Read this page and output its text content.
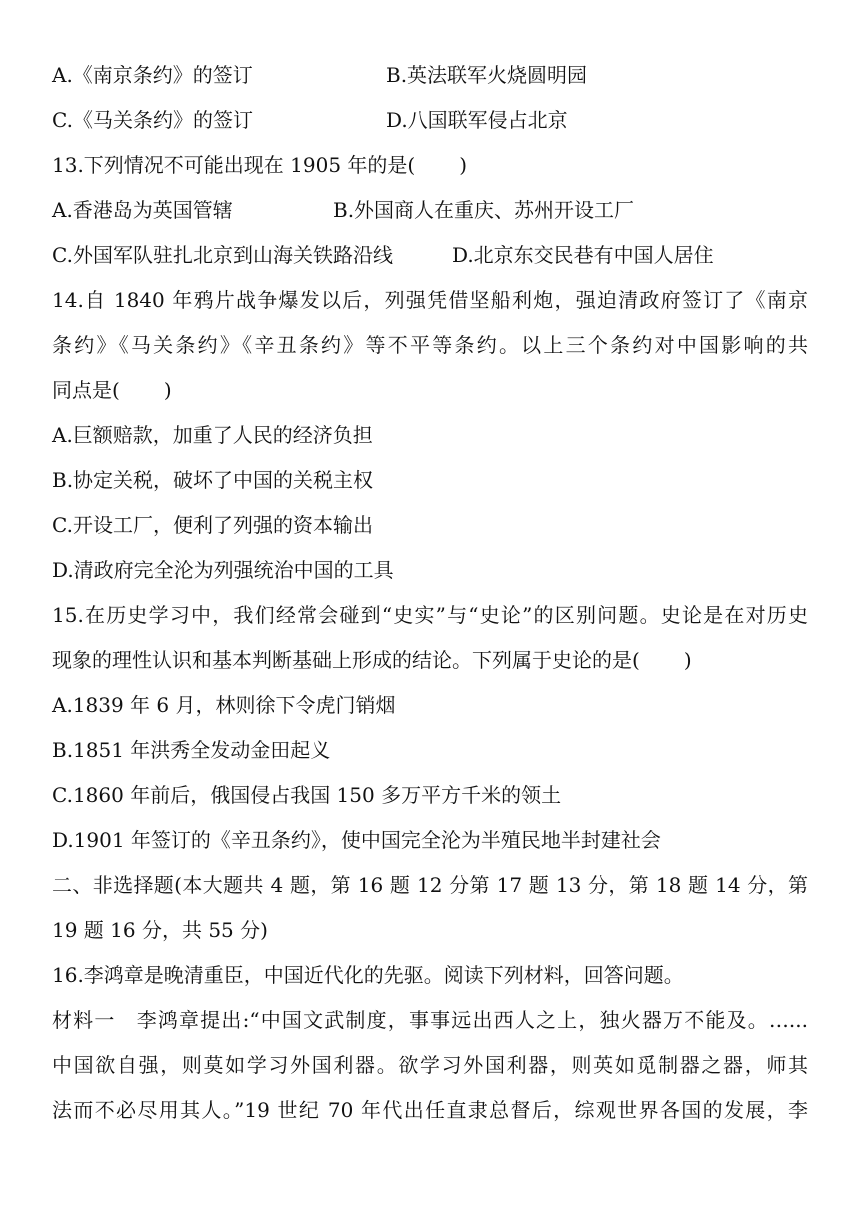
A.《南京条约》的签订	B.英法联军火烧圆明园
C.《马关条约》的签订	D.八国联军侵占北京
13.下列情况不可能出现在 1905 年的是( )
A.香港岛为英国管辖	B.外国商人在重庆、苏州开设工厂
C.外国军队驻扎北京到山海关铁路沿线	D.北京东交民巷有中国人居住
14.自 1840 年鸦片战争爆发以后，列强凭借坚船利炮，强迫清政府签订了《南京
条约》《马关条约》《辛丑条约》等不平等条约。以上三个条约对中国影响的共
同点是( )
A.巨额赔款，加重了人民的经济负担
B.协定关税，破坏了中国的关税主权
C.开设工厂，便利了列强的资本输出
D.清政府完全沦为列强统治中国的工具
15.在历史学习中，我们经常会碰到“史实”与“史论”的区别问题。史论是在对历史
现象的理性认识和基本判断基础上形成的结论。下列属于史论的是( )
A.1839 年 6 月，林则徐下令虎门销烟
B.1851 年洪秀全发动金田起义
C.1860 年前后，俄国侵占我国 150 多万平方千米的领土
D.1901 年签订的《辛丑条约》，使中国完全沦为半殖民地半封建社会
二、非选择题(本大题共 4 题，第 16 题 12 分第 17 题 13 分，第 18 题 14 分，第
19 题 16 分，共 55 分)
16.李鸿章是晚清重臣，中国近代化的先驱。阅读下列材料，回答问题。
材料一　李鸿章提出:“中国文武制度，事事远出西人之上，独火器万不能及。…...
中国欲自强，则莫如学习外国利器。欲学习外国利器，则英如觅制器之器，师其
法而不必尽用其人。”19 世纪 70 年代出任直隶总督后，综观世界各国的发展，李
